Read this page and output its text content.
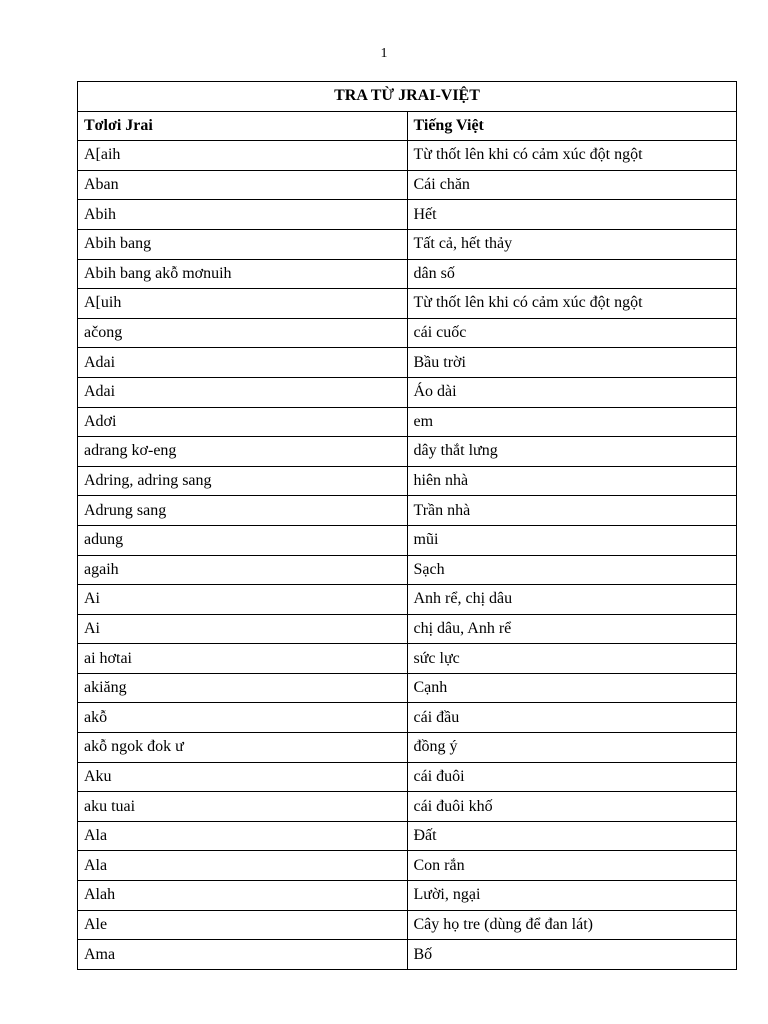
1
TRA TỪ JRAI-VIỆT	
Tơlơi Jrai	Tiếng Việt
A[aih	Từ thốt lên khi có cảm xúc đột ngột
Aban	Cái chăn
Abih	Hết
Abih bang	Tất cả, hết thảy
Abih bang akỗ mơnuih	dân số
A[uih	Từ thốt lên khi có cảm xúc đột ngột
ačong	cái cuốc
Adai	Bầu trời
Adai	Áo dài
Adơi	em
adrang kơ-eng	dây thắt lưng
Adring, adring sang	hiên nhà
Adrung sang	Trần nhà
adung	mũi
agaih	Sạch
Ai	Anh rể, chị dâu
Ai	chị dâu, Anh rể
ai hơtai	sức lực
akiăng	Cạnh
akỗ	cái đầu
akỗ ngok đok ư	đồng ý
Aku	cái đuôi
aku tuai	cái đuôi khố
Ala	Đất
Ala	Con rắn
Alah	Lười, ngại
Ale	Cây họ tre (dùng để đan lát)
Ama	Bố
